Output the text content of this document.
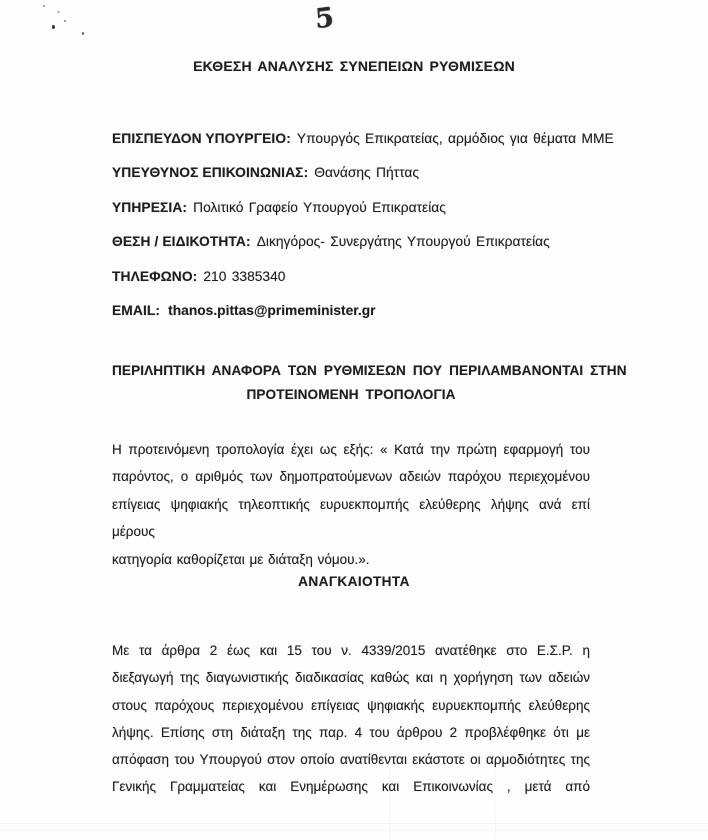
5
ΕΚΘΕΣΗ ΑΝΑΛΥΣΗΣ ΣΥΝΕΠΕΙΩΝ ΡΥΘΜΙΣΕΩΝ
ΕΠΙΣΠΕΥΔΟΝ ΥΠΟΥΡΓΕΙΟ: Υπουργός Επικρατείας, αρμόδιος για θέματα ΜΜΕ
ΥΠΕΥΘΥΝΟΣ ΕΠΙΚΟΙΝΩΝΙΑΣ: Θανάσης Πήττας
ΥΠΗΡΕΣΙΑ: Πολιτικό Γραφείο Υπουργού Επικρατείας
ΘΕΣΗ / ΕΙΔΙΚΟΤΗΤΑ: Δικηγόρος- Συνεργάτης Υπουργού Επικρατείας
ΤΗΛΕΦΩΝΟ: 210 3385340
EMAIL: thanos.pittas@primeminister.gr
ΠΕΡΙΛΗΠΤΙΚΗ ΑΝΑΦΟΡΑ ΤΩΝ ΡΥΘΜΙΣΕΩΝ ΠΟΥ ΠΕΡΙΛΑΜΒΑΝΟΝΤΑΙ ΣΤΗΝ
ΠΡΟΤΕΙΝΟΜΕΝΗ ΤΡΟΠΟΛΟΓΙΑ
Η προτεινόμενη τροπολογία έχει ως εξής: « Κατά την πρώτη εφαρμογή του
παρόντος, ο αριθμός των δημοπρατούμενων αδειών παρόχου περιεχομένου
επίγειας ψηφιακής τηλεοπτικής ευρυεκπομπής ελεύθερης λήψης ανά επί μέρους
κατηγορία καθορίζεται με διάταξη νόμου.».
ΑΝΑΓΚΑΙΟΤΗΤΑ
Με τα άρθρα 2 έως και 15 του ν. 4339/2015 ανατέθηκε στο Ε.Σ.Ρ. η
διεξαγωγή της διαγωνιστικής διαδικασίας καθώς και η χορήγηση των αδειών
στους παρόχους περιεχομένου επίγειας ψηφιακής ευρυεκπομπής ελεύθερης
λήψης. Επίσης στη διάταξη της παρ. 4 του άρθρου 2 προβλέφθηκε ότι με
απόφαση του Υπουργού στον οποίο ανατίθενται εκάστοτε οι αρμοδιότητες της
Γενικής Γραμματείας και Ενημέρωσης και Επικοινωνίας , μετά από
